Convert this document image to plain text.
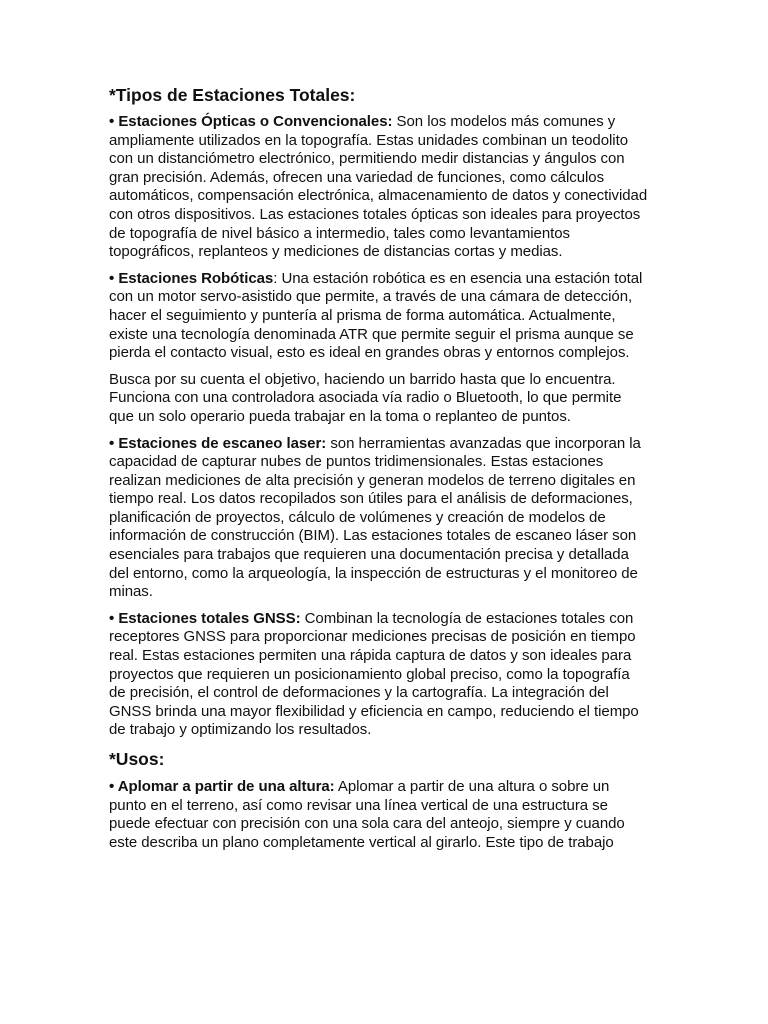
*Tipos de Estaciones Totales:

• Estaciones Ópticas o Convencionales: Son los modelos más comunes y ampliamente utilizados en la topografía. Estas unidades combinan un teodolito con un distanciómetro electrónico, permitiendo medir distancias y ángulos con gran precisión. Además, ofrecen una variedad de funciones, como cálculos automáticos, compensación electrónica, almacenamiento de datos y conectividad con otros dispositivos. Las estaciones totales ópticas son ideales para proyectos de topografía de nivel básico a intermedio, tales como levantamientos topográficos, replanteos y mediciones de distancias cortas y medias.

• Estaciones Robóticas: Una estación robótica es en esencia una estación total con un motor servo-asistido que permite, a través de una cámara de detección, hacer el seguimiento y puntería al prisma de forma automática. Actualmente, existe una tecnología denominada ATR que permite seguir el prisma aunque se pierda el contacto visual, esto es ideal en grandes obras y entornos complejos.

Busca por su cuenta el objetivo, haciendo un barrido hasta que lo encuentra. Funciona con una controladora asociada vía radio o Bluetooth, lo que permite que un solo operario pueda trabajar en la toma o replanteo de puntos.

• Estaciones de escaneo laser: son herramientas avanzadas que incorporan la capacidad de capturar nubes de puntos tridimensionales. Estas estaciones realizan mediciones de alta precisión y generan modelos de terreno digitales en tiempo real. Los datos recopilados son útiles para el análisis de deformaciones, planificación de proyectos, cálculo de volúmenes y creación de modelos de información de construcción (BIM). Las estaciones totales de escaneo láser son esenciales para trabajos que requieren una documentación precisa y detallada del entorno, como la arqueología, la inspección de estructuras y el monitoreo de minas.

• Estaciones totales GNSS: Combinan la tecnología de estaciones totales con receptores GNSS para proporcionar mediciones precisas de posición en tiempo real. Estas estaciones permiten una rápida captura de datos y son ideales para proyectos que requieren un posicionamiento global preciso, como la topografía de precisión, el control de deformaciones y la cartografía. La integración del GNSS brinda una mayor flexibilidad y eficiencia en campo, reduciendo el tiempo de trabajo y optimizando los resultados.

*Usos:

• Aplomar a partir de una altura: Aplomar a partir de una altura o sobre un punto en el terreno, así como revisar una línea vertical de una estructura se puede efectuar con precisión con una sola cara del anteojo, siempre y cuando este describa un plano completamente vertical al girarlo. Este tipo de trabajo
